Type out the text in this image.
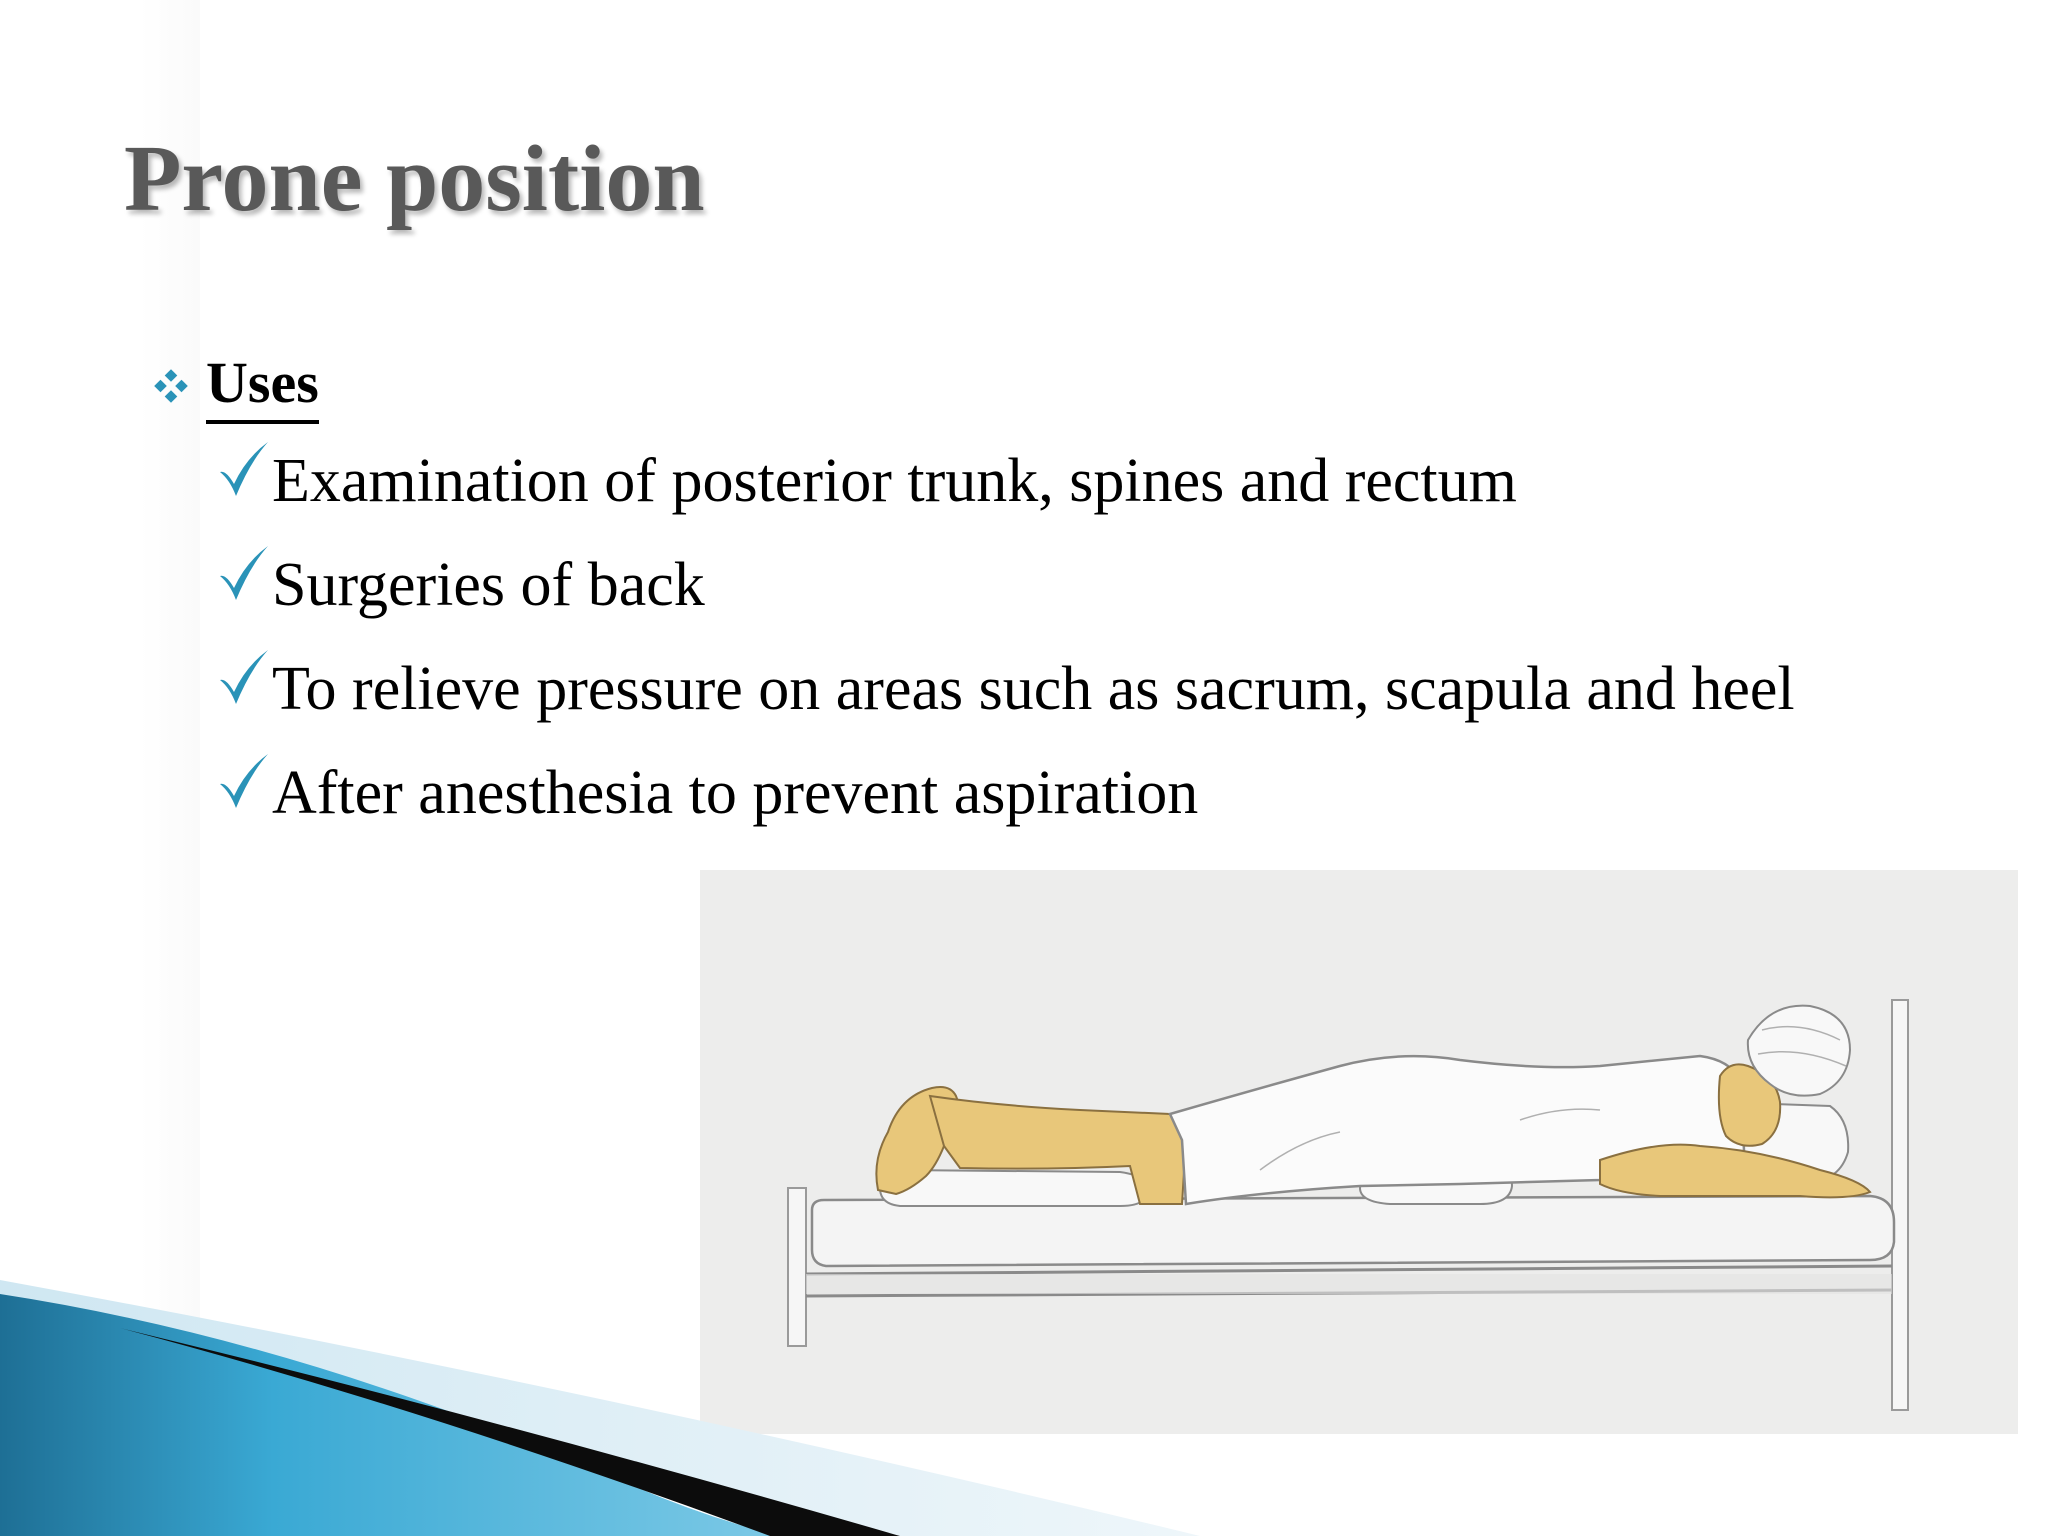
Prone position
Uses
Examination of posterior trunk, spines and rectum
Surgeries of back
To relieve pressure on areas such as sacrum, scapula and heel
After anesthesia to prevent aspiration
